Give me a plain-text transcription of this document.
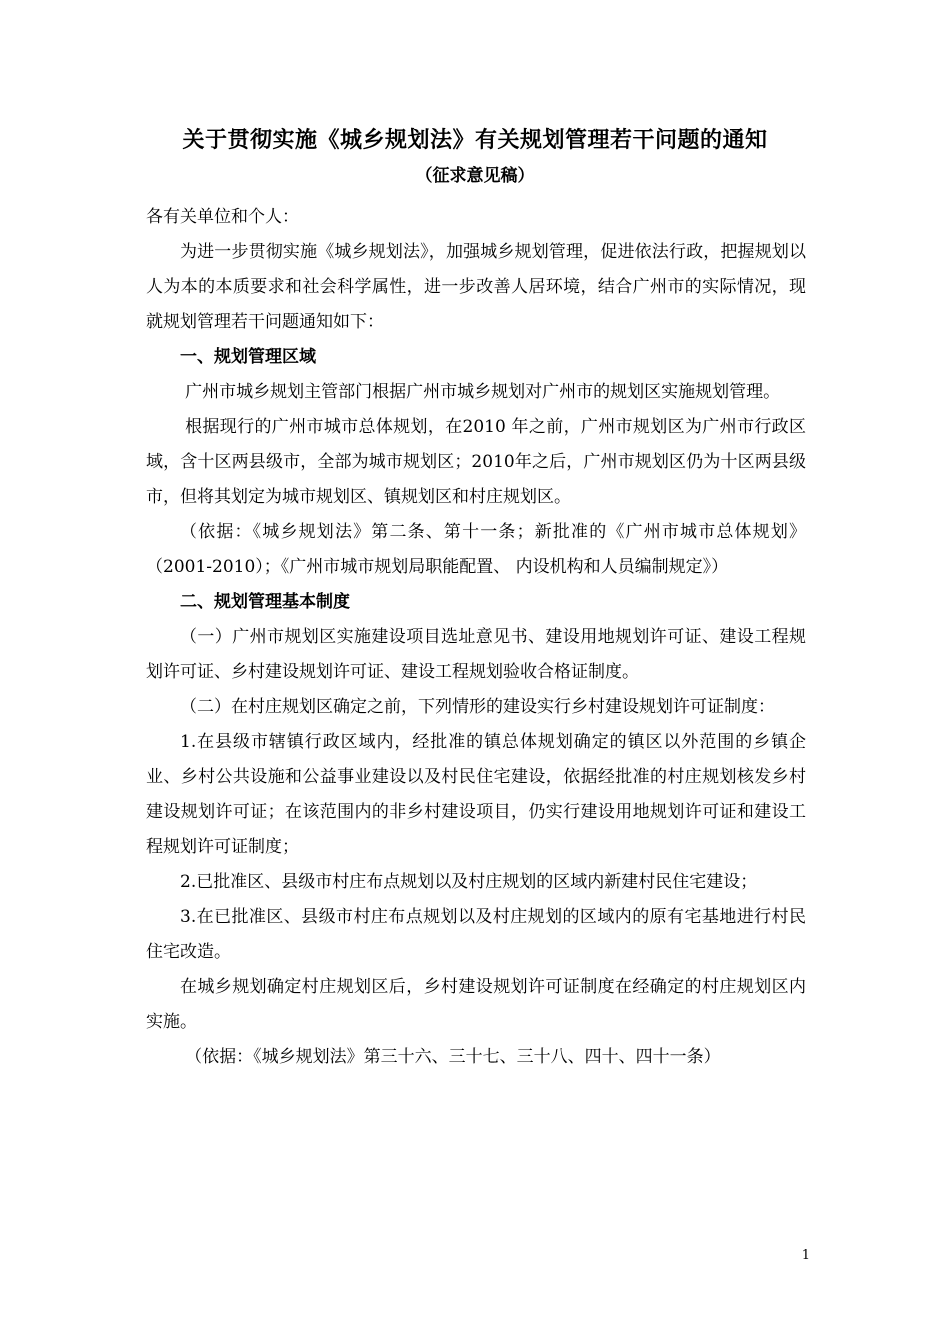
关于贯彻实施《城乡规划法》有关规划管理若干问题的通知
（征求意见稿）

各有关单位和个人：

为进一步贯彻实施《城乡规划法》，加强城乡规划管理，促进依法行政，把握规划以人为本的本质要求和社会科学属性，进一步改善人居环境，结合广州市的实际情况，现就规划管理若干问题通知如下：

一、规划管理区域

广州市城乡规划主管部门根据广州市城乡规划对广州市的规划区实施规划管理。

根据现行的广州市城市总体规划，在2010 年之前，广州市规划区为广州市行政区域，含十区两县级市，全部为城市规划区；2010年之后，广州市规划区仍为十区两县级市，但将其划定为城市规划区、镇规划区和村庄规划区。

（依据：《城乡规划法》第二条、第十一条；新批准的《广州市城市总体规划》（2001-2010）；《广州市城市规划局职能配置、 内设机构和人员编制规定》）

二、规划管理基本制度

（一）广州市规划区实施建设项目选址意见书、建设用地规划许可证、建设工程规划许可证、乡村建设规划许可证、建设工程规划验收合格证制度。

（二）在村庄规划区确定之前，下列情形的建设实行乡村建设规划许可证制度：

1.在县级市辖镇行政区域内，经批准的镇总体规划确定的镇区以外范围的乡镇企业、乡村公共设施和公益事业建设以及村民住宅建设，依据经批准的村庄规划核发乡村建设规划许可证；在该范围内的非乡村建设项目，仍实行建设用地规划许可证和建设工程规划许可证制度；

2.已批准区、县级市村庄布点规划以及村庄规划的区域内新建村民住宅建设；

3.在已批准区、县级市村庄布点规划以及村庄规划的区域内的原有宅基地进行村民住宅改造。

在城乡规划确定村庄规划区后，乡村建设规划许可证制度在经确定的村庄规划区内实施。

（依据：《城乡规划法》第三十六、三十七、三十八、四十、四十一条）

1
